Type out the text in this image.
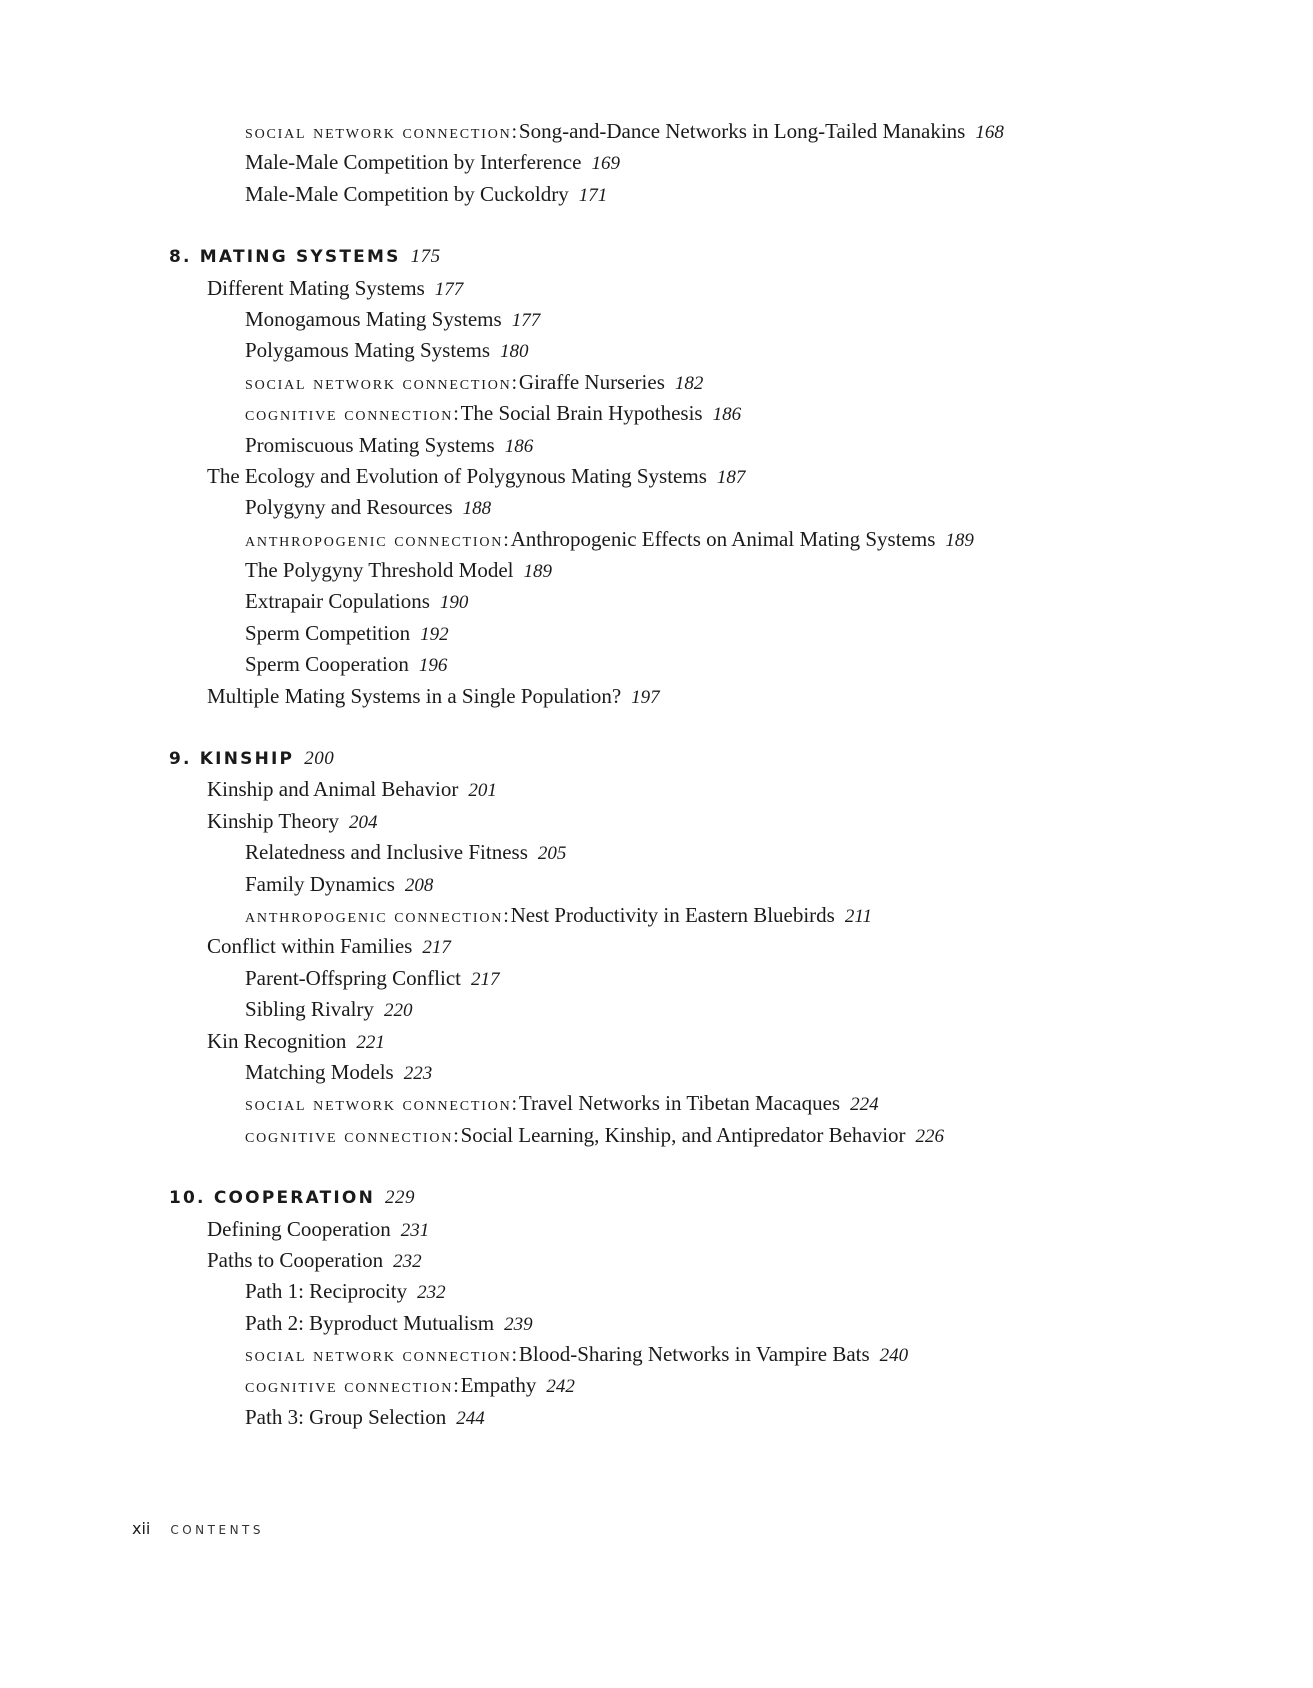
social network connection:Song-and-Dance Networks in Long-Tailed Manakins 168
Male-Male Competition by Interference 169
Male-Male Competition by Cuckoldry 171
8. MATING SYSTEMS 175
Different Mating Systems 177
Monogamous Mating Systems 177
Polygamous Mating Systems 180
social network connection:Giraffe Nurseries 182
cognitive connection:The Social Brain Hypothesis 186
Promiscuous Mating Systems 186
The Ecology and Evolution of Polygynous Mating Systems 187
Polygyny and Resources 188
anthropogenic connection:Anthropogenic Effects on Animal Mating Systems 189
The Polygyny Threshold Model 189
Extrapair Copulations 190
Sperm Competition 192
Sperm Cooperation 196
Multiple Mating Systems in a Single Population? 197
9. KINSHIP 200
Kinship and Animal Behavior 201
Kinship Theory 204
Relatedness and Inclusive Fitness 205
Family Dynamics 208
anthropogenic connection:Nest Productivity in Eastern Bluebirds 211
Conflict within Families 217
Parent-Offspring Conflict 217
Sibling Rivalry 220
Kin Recognition 221
Matching Models 223
social network connection:Travel Networks in Tibetan Macaques 224
cognitive connection:Social Learning, Kinship, and Antipredator Behavior 226
10. COOPERATION 229
Defining Cooperation 231
Paths to Cooperation 232
Path 1: Reciprocity 232
Path 2: Byproduct Mutualism 239
social network connection:Blood-Sharing Networks in Vampire Bats 240
cognitive connection:Empathy 242
Path 3: Group Selection 244
xii CONTENTS
